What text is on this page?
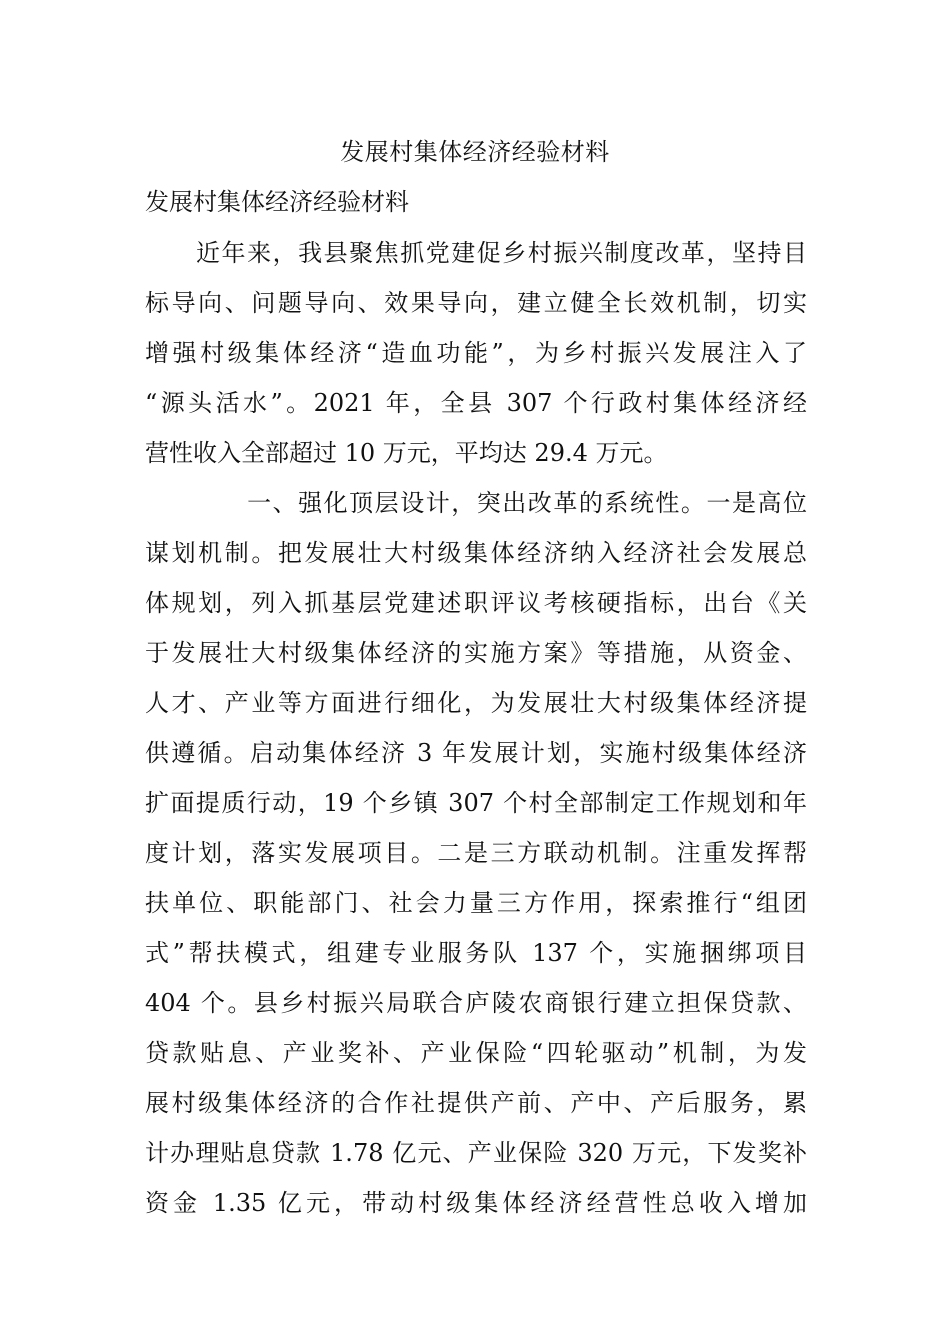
发展村集体经济经验材料
发展村集体经济经验材料
　　近年来，我县聚焦抓党建促乡村振兴制度改革，坚持目
标导向、问题导向、效果导向，建立健全长效机制，切实
增强村级集体经济“造血功能”，为乡村振兴发展注入了
“源头活水”。2021 年，全县 307 个行政村集体经济经
营性收入全部超过 10 万元，平均达 29.4 万元。
　　　　一、强化顶层设计，突出改革的系统性。一是高位
谋划机制。把发展壮大村级集体经济纳入经济社会发展总
体规划，列入抓基层党建述职评议考核硬指标，出台《关
于发展壮大村级集体经济的实施方案》等措施，从资金、
人才、产业等方面进行细化，为发展壮大村级集体经济提
供遵循。启动集体经济 3 年发展计划，实施村级集体经济
扩面提质行动，19 个乡镇 307 个村全部制定工作规划和年
度计划，落实发展项目。二是三方联动机制。注重发挥帮
扶单位、职能部门、社会力量三方作用，探索推行“组团
式”帮扶模式，组建专业服务队 137 个，实施捆绑项目
404 个。县乡村振兴局联合庐陵农商银行建立担保贷款、
贷款贴息、产业奖补、产业保险“四轮驱动”机制，为发
展村级集体经济的合作社提供产前、产中、产后服务，累
计办理贴息贷款 1.78 亿元、产业保险 320 万元，下发奖补
资金 1.35 亿元，带动村级集体经济经营性总收入增加
